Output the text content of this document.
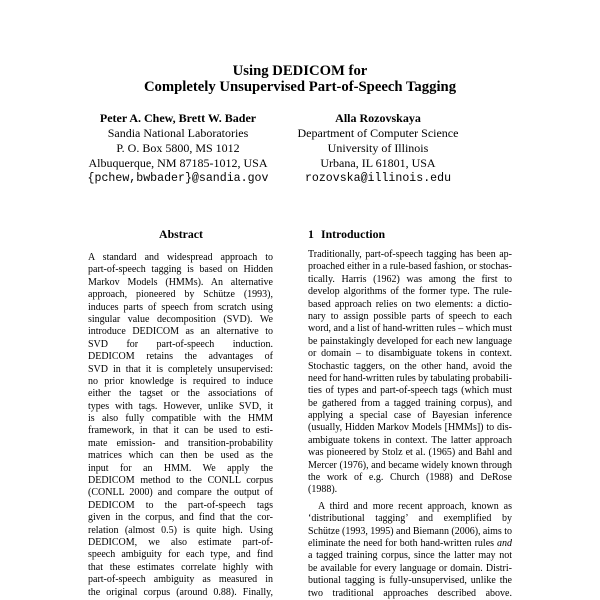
Using DEDICOM for
Completely Unsupervised Part-of-Speech Tagging
Peter A. Chew, Brett W. Bader
Sandia National Laboratories
P. O. Box 5800, MS 1012
Albuquerque, NM 87185-1012, USA
{pchew,bwbader}@sandia.gov
Alla Rozovskaya
Department of Computer Science
University of Illinois
Urbana, IL 61801, USA
rozovska@illinois.edu
Abstract	1 Introduction
A standard and widespread approach to
part-of-speech tagging is based on Hidden
Markov Models (HMMs). An alternative
approach, pioneered by Schütze (1993),
induces parts of speech from scratch using
singular value decomposition (SVD). We
introduce DEDICOM as an alternative to
SVD for part-of-speech induction.
DEDICOM retains the advantages of
SVD in that it is completely unsupervised:
no prior knowledge is required to induce
either the tagset or the associations of
types with tags. However, unlike SVD, it
is also fully compatible with the HMM
framework, in that it can be used to esti-
mate emission- and transition-probability
matrices which can then be used as the
input for an HMM. We apply the
DEDICOM method to the CONLL corpus
(CONLL 2000) and compare the output of
DEDICOM to the part-of-speech tags
given in the corpus, and find that the cor-
relation (almost 0.5) is quite high. Using
DEDICOM, we also estimate part-of-
speech ambiguity for each type, and find
that these estimates correlate highly with
part-of-speech ambiguity as measured in
the original corpus (around 0.88). Finally,
Traditionally, part-of-speech tagging has been ap-
proached either in a rule-based fashion, or stochas-
tically. Harris (1962) was among the first to
develop algorithms of the former type. The rule-
based approach relies on two elements: a dictio-
nary to assign possible parts of speech to each
word, and a list of hand-written rules – which must
be painstakingly developed for each new language
or domain – to disambiguate tokens in context.
Stochastic taggers, on the other hand, avoid the
need for hand-written rules by tabulating probabili-
ties of types and part-of-speech tags (which must
be gathered from a tagged training corpus), and
applying a special case of Bayesian inference
(usually, Hidden Markov Models [HMMs]) to dis-
ambiguate tokens in context. The latter approach
was pioneered by Stolz et al. (1965) and Bahl and
Mercer (1976), and became widely known through
the work of e.g. Church (1988) and DeRose
(1988).
A third and more recent approach, known as
‘distributional tagging’ and exemplified by
Schütze (1993, 1995) and Biemann (2006), aims to
eliminate the need for both hand-written rules and
a tagged training corpus, since the latter may not
be available for every language or domain. Distri-
butional tagging is fully-unsupervised, unlike the
two traditional approaches described above.
